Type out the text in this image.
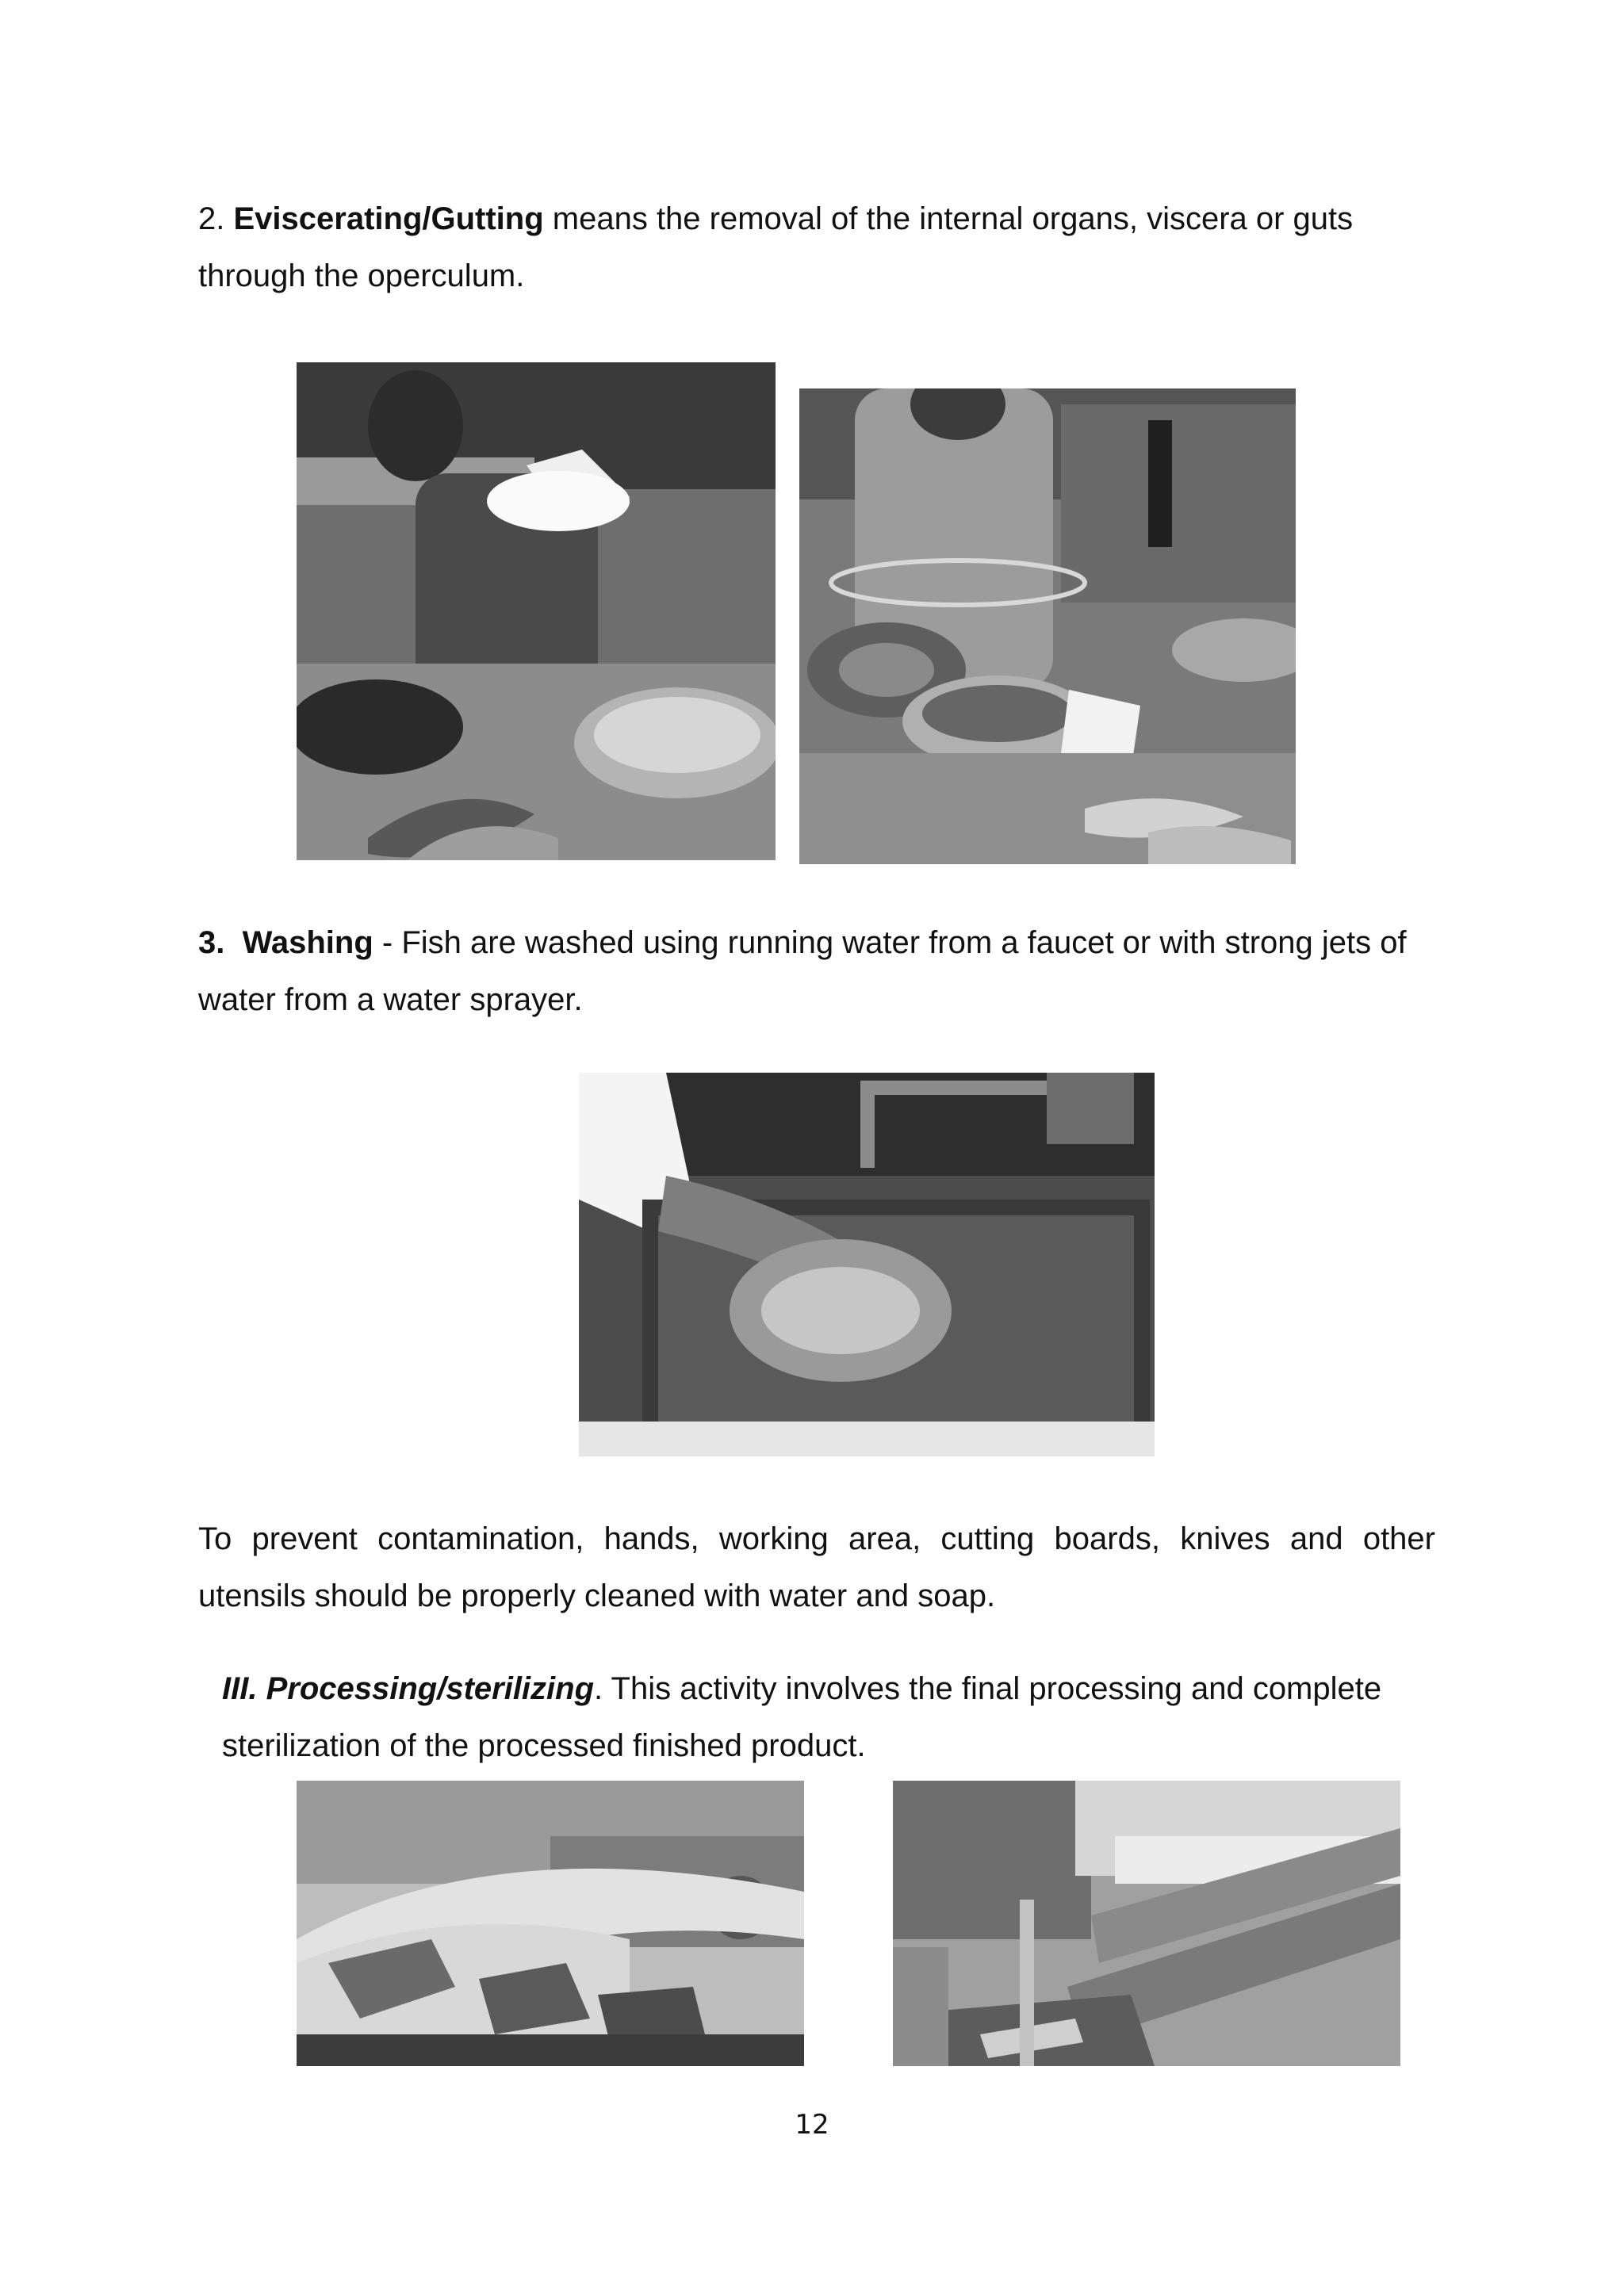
2. Eviscerating/Gutting means the removal of the internal organs, viscera or guts through the operculum.

3. Washing - Fish are washed using running water from a faucet or with strong jets of water from a water sprayer.

To prevent contamination, hands, working area, cutting boards, knives and other utensils should be properly cleaned with water and soap.

III. Processing/sterilizing. This activity involves the final processing and complete sterilization of the processed finished product.

12
